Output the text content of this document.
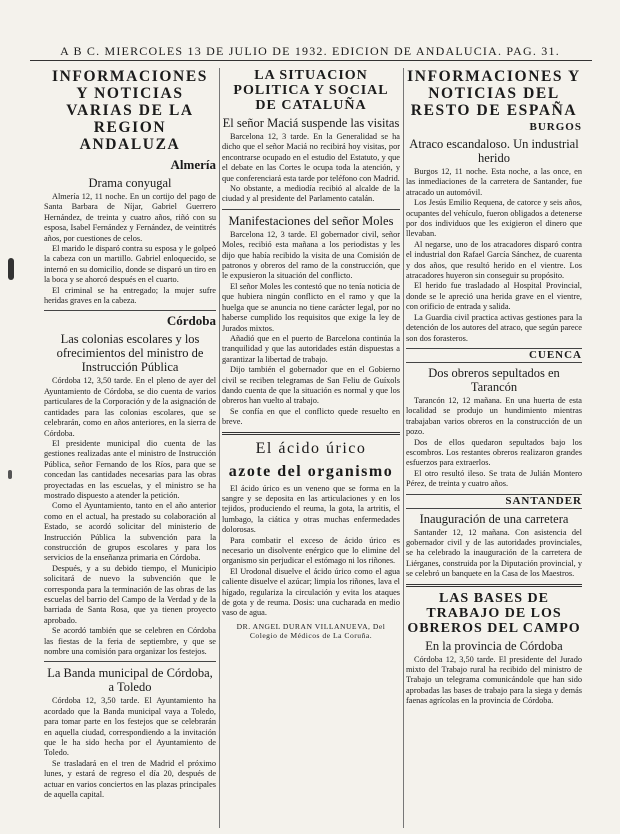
A B C. MIERCOLES 13 DE JULIO DE 1932. EDICION DE ANDALUCIA. PAG. 31.
INFORMACIONES Y NOTICIAS VARIAS DE LA REGION ANDALUZA
Almería
Drama conyugal

Almería 12, 11 noche. En un cortijo del pago de Santa Barbara de Níjar, Gabriel Guerrero Hernández, de treinta y cuatro años, riñó con su esposa, Isabel Fernández y Fernández, de veintitrés años, por cuestiones de celos.

El marido le disparó contra su esposa y le golpeó la cabeza con un martillo. Gabriel enloquecido, se internó en su domicilio, donde se disparó un tiro en la boca y se ahorcó después en el cuarto.

El criminal se ha entregado; la mujer sufre heridas graves en la cabeza.

Córdoba
Las colonias escolares y los ofrecimientos del ministro de Instrucción Pública

Córdoba 12, 3,50 tarde. En el pleno de ayer del Ayuntamiento de Córdoba, se dio cuenta de varios particulares de la Corporación y de la asignación de cantidades para las colonias escolares, que se celebrarán, como en años anteriores, en la sierra de Córdoba.

El presidente municipal dio cuenta de las gestiones realizadas ante el ministro de Instrucción Pública, señor Fernando de los Ríos, para que se concedan las cantidades necesarias para las obras proyectadas en las escuelas, y el ministro se ha mostrado dispuesto a atender la petición.

Como el Ayuntamiento, tanto en el año anterior como en el actual, ha prestado su colaboración al Estado, se acordó solicitar del ministerio de Instrucción Pública la subvención para la construcción de grupos escolares y para los servicios de la enseñanza primaria en Córdoba.

Después, y a su debido tiempo, el Municipio solicitará de nuevo la subvención que le corresponda para la terminación de las obras de las escuelas del barrio del Campo de la Verdad y de la barriada de Santa Rosa, que ya tienen proyecto aprobado.

Se acordó también que se celebren en Córdoba las fiestas de la feria de septiembre, y que se nombre una comisión para organizar los festejos.

La Banda municipal de Córdoba, a Toledo

Córdoba 12, 3,50 tarde. El Ayuntamiento ha acordado que la Banda municipal vaya a Toledo, para tomar parte en los festejos que se celebrarán en aquella ciudad, correspondiendo a la invitación que le ha sido hecha por el Ayuntamiento de Toledo.

Se trasladará en el tren de Madrid el próximo lunes, y estará de regreso el día 20, después de actuar en varios conciertos en las plazas principales de aquella capital.

LA SITUACION POLITICA Y SOCIAL DE CATALUÑA
El señor Maciá suspende las visitas

Barcelona 12, 3 tarde. En la Generalidad se ha dicho que el señor Maciá no recibirá hoy visitas, por encontrarse ocupado en el estudio del Estatuto, y que el debate en las Cortes le ocupa toda la atención, y que conferenciará esta tarde por teléfono con Madrid.

No obstante, a mediodía recibió al alcalde de la ciudad y al presidente del Parlamento catalán.

Manifestaciones del señor Moles

Barcelona 12, 3 tarde. El gobernador civil, señor Moles, recibió esta mañana a los periodistas y les dijo que había recibido la visita de una Comisión de patronos y obreros del ramo de la construcción, que le expusieron la situación del conflicto.

El señor Moles les contestó que no tenía noticia de que hubiera ningún conflicto en el ramo y que la huelga que se anuncia no tiene carácter legal, por no haberse cumplido los requisitos que exige la ley de Jurados mixtos.

Añadió que en el puerto de Barcelona continúa la tranquilidad y que las autoridades están dispuestas a garantizar la libertad de trabajo.

Dijo también el gobernador que en el Gobierno civil se reciben telegramas de San Feliu de Guíxols dando cuenta de que la situación es normal y que los obreros han vuelto al trabajo.

Se confía en que el conflicto quede resuelto en breve.

El ácido úrico
azote del organismo

El ácido úrico es un veneno que se forma en la sangre y se deposita en las articulaciones y en los tejidos, produciendo el reuma, la gota, la artritis, el lumbago, la ciática y otras muchas enfermedades dolorosas.

Para combatir el exceso de ácido úrico es necesario un disolvente enérgico que lo elimine del organismo sin perjudicar el estómago ni los riñones.

El Urodonal disuelve el ácido úrico como el agua caliente disuelve el azúcar; limpia los riñones, lava el hígado, regulariza la circulación y evita los ataques de gota y de reuma. Dosis: una cucharada en medio vaso de agua.

DR. ANGEL DURAN VILLANUEVA, Del Colegio de Médicos de La Coruña.
INFORMACIONES Y NOTICIAS DEL RESTO DE ESPAÑA
BURGOS
Atraco escandaloso. Un industrial herido

Burgos 12, 11 noche. Esta noche, a las once, en las inmediaciones de la carretera de Santander, fue atracado un automóvil.

Los Jesús Emilio Requena, de catorce y seis años, ocupantes del vehículo, fueron obligados a detenerse por dos individuos que les exigieron el dinero que llevaban.

Al negarse, uno de los atracadores disparó contra el industrial don Rafael García Sánchez, de cuarenta y dos años, que resultó herido en el vientre. Los atracadores huyeron sin conseguir su propósito.

El herido fue trasladado al Hospital Provincial, donde se le apreció una herida grave en el vientre, con orificio de entrada y salida.

La Guardia civil practica activas gestiones para la detención de los autores del atraco, que según parece son dos forasteros.

CUENCA
Dos obreros sepultados en Tarancón

Tarancón 12, 12 mañana. En una huerta de esta localidad se produjo un hundimiento mientras trabajaban varios obreros en la construcción de un pozo.

Dos de ellos quedaron sepultados bajo los escombros. Los restantes obreros realizaron grandes esfuerzos para extraerlos.

El otro resultó ileso. Se trata de Julián Montero Pérez, de treinta y cuatro años.

SANTANDER
Inauguración de una carretera

Santander 12, 12 mañana. Con asistencia del gobernador civil y de las autoridades provinciales, se ha celebrado la inauguración de la carretera de Liérganes, construida por la Diputación provincial, y se celebró un banquete en la Casa de los Maestros.

LAS BASES DE TRABAJO DE LOS OBREROS DEL CAMPO
En la provincia de Córdoba

Córdoba 12, 3,50 tarde. El presidente del Jurado mixto del Trabajo rural ha recibido del ministro de Trabajo un telegrama comunicándole que han sido aprobadas las bases de trabajo para la siega y demás faenas agrícolas en la provincia de Córdoba.
